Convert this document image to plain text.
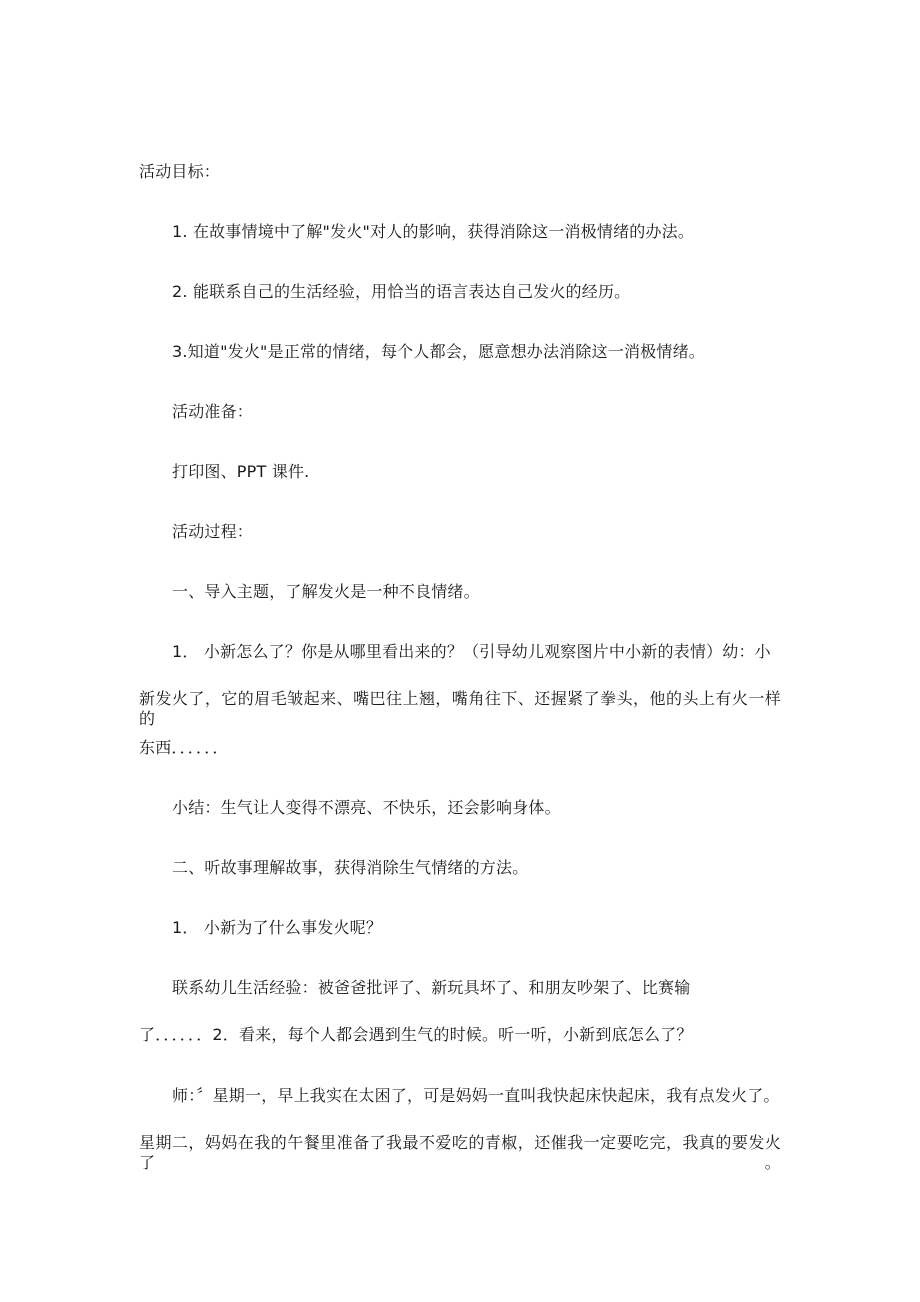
活动目标：
1. 在故事情境中了解"发火"对人的影响，获得消除这一消极情绪的办法。
2. 能联系自己的生活经验，用恰当的语言表达自己发火的经历。
3.知道"发火"是正常的情绪，每个人都会，愿意想办法消除这一消极情绪。
活动准备：
打印图、PPT 课件.
活动过程：
一、导入主题，了解发火是一种不良情绪。
1． 小新怎么了？你是从哪里看出来的？（引导幼儿观察图片中小新的表情）幼：小
新发火了，它的眉毛皱起来、嘴巴往上翘，嘴角往下、还握紧了拳头，他的头上有火一样的
东西．．．．．．
小结：生气让人变得不漂亮、不快乐，还会影响身体。
二、听故事理解故事，获得消除生气情绪的方法。
1． 小新为了什么事发火呢？
联系幼儿生活经验：被爸爸批评了、新玩具坏了、和朋友吵架了、比赛输
了．．．．．．2．看来，每个人都会遇到生气的时候。听一听，小新到底怎么了？
师：〞星期一，早上我实在太困了，可是妈妈一直叫我快起床快起床，我有点发火了。
星期二，妈妈在我的午餐里准备了我最不爱吃的青椒，还催我一定要吃完，我真的要发火了。
